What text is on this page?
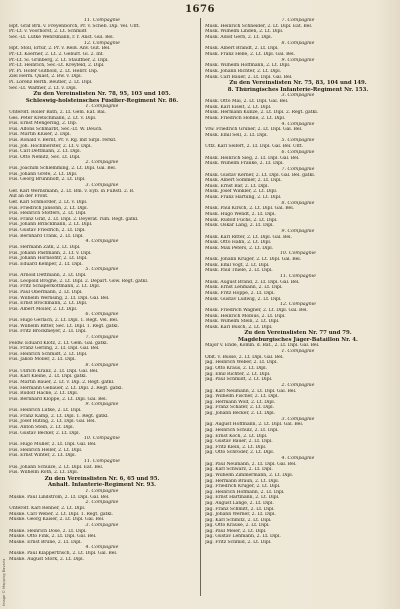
1676
11. Compagnie
Hpt. Graf Brn. v. Freyenborch, Pr. v. Scheb. Dip. Vel. Ulft.
Pr.-Lt. v. Voorhorst, 2. Lt. Schmidt
Sec.-Lt. Lütke Wehrsmann, r. r. Anst. Gul. Bel.
12. Compagnie
Hpt. Stoll, Erfur, 2. Pr. v. Reiß. Anv. Gut. Bel.
Pr.-Lt. Koerner, 2. Lt. 2. Gebürf. Gl. 2. Inf.
Pr.-Lt. Sl. Grinberg, 2. Lt. Stauffner, 2. Dipl.
Pr.-Lt. Heinrich, Sec.-Lt. Kreyfeld, 2. Dipl.
Pr. Pi. Höfer Guthöld, 2. Lt. Hebrr. Dip.
Ziel Herm. Quast, 2. Bw. v. Dipl.
Pi. Lorenz Berth. Beutler, 2. Lt. Dipl.
Sec.-Lt. Walther, 2. Lt. v. Dipl.
Zu den Vereinslisten Nr. 78, 95, 103 und 105.
Schleswig-holsteinsches Füsilier-Regiment Nr. 86.
1. Compagnie
Unteroff. Roller Bath, 2. Lt. Gem. Eat. Bal.
Ges. Peter Kretschmann, 2. Lt. v. Dipl.
Füs. Ernst Mengering, 2. Dip.
Füs. Alfons Schmarbt, Sec.-Lt. W. Deuch.
Füs. Martin Klüser, 2. Dipl.
Füs. Ronald v. Bernt, Pr. v. Rg. mit Sirpl. rerkit.
Füs. Joh. Hochmerster, 2. Lt. v. Dipl.
Füs. Carl Dettmann, 2. Lt. Dipl.
Füs. Otto Nemitz, Sec. Lt. Dipl.
2. Compagnie
Füs. Joachim Schlemming, 2. Lt. Dipl. Gal. Bel.
Füs. Johann Grefe, 2. Lt. Dipl.
Füs. Georg Brunnhoff, 2. Lt. Dipl.
3. Compagnie
Gef. Karl Wernsmann, 2. Lt. Bm. v. Eyb. in Fußstl. 2. B.
Auf an der Front.
Gef. Karl Schmorder, 2. Lt. v. Dipl.
Füs. Friedrich Jansonn, 2. Lt. Dipl.
Füs. Heinrich Stoffers, 2. Lt. Dipl.
Füs. Franz Graf, 2. Lt. Dipl. 2. Deyerat. rum. Regt. gatkl.
Füs. Johann Brinckmann, 2. Lt. Dipl.
Füs. Gustav Friedrich, 2. Lt. Dipl.
Füs. Bernhard Tränk, 2. Lt. Dipl.
4. Compagnie
Füs. Hermann Zatk, 2. Lt. Dipl.
Füs. Johann Pastmann, 2. Lt. v. Dipl.
Füs. Johann Hornsohtr, 2. Lt. Dipl.
Füs. Eduard Kemper, 2. Lt. Dipl.
5. Compagnie
Füs. Arnold Dettmann, 2. Lt. Dipl.
Füs. Leopold Bröghe, 2. Lt. Dipl. 2. Depart. Gow. Regt. gatkl.
Füs. Fritz Schaperkottmann, 2. Lt. Dipl.
Füs. Paul Obermann, 2. Lt. Dipl.
Füs. Wilhelm Wernsing, 2. Lt. Dipl. Gal. Bel.
Füs. Ernst Brockmann, 2. Lt. Dipl.
Füs. Albert Möller, 2. Lt. Dipl.
6. Compagnie
Füs. Hugo Gerlach, 2. Lt. Dipl. 1. Regt. Vel. Bel.
Füs. Wilhelm Bitter, Sec. Lt. Dipl. 1. Regt. gatkl.
Füs. Fritz Brockmeyer, 2. Lt. Dipl.
7. Compagnie
Feldw. Eduard Klotz, 2. Lt. Gem. Gal. gatkl.
Füs. Franz Gerling, 2. Lt. Dipl. Gal. Bel.
Füs. Heinrich Schmidt, 2. Lt. Dipl.
Füs. Jakob Möller, 2. Lt. Dipl.
8. Compagnie
Füs. Ullrich Kranz, 2. Lt. Dipl. Gal. Bel.
Füs. Karl Kleine, 2. Lt. Dipl. gatkl.
Füs. Martin Bauer, 2. Lt. v. Dip. 2. Regt. gatkl.
Füs. Hermann Gebauer, 2. Lt. Dipl. 2. Regt. gatkl.
Füs. Rudolf Hacke, 2. Lt. Dipl.
Füs. Bernhard Klöppe, 2. Lt. Dipl. Gal. Bel.
9. Compagnie
Füs. Heinrich Lütke, 2. Lt. Dipl.
Füs. Franz Kamp, 2. Lt. Dipl. 1. Regt. gatkl.
Füs. Josef Rüting, 2. Lt. Dipl. Gal. Bel.
Füs. Anton Stein, 2. Lt. Dipl.
Füs. Gustav Becker, 2. Lt. Dipl.
10. Compagnie
Füs. Hugo Müller, 2. Lt. Dipl. Gal. Bel.
Füs. Heinrich Heller, 2. Lt. Dipl.
Füs. Ernst Winter, 2. Lt. Dipl.
11. Compagnie
Füs. Johann Schulze, 2. Lt. Dipl. Eat. Bel.
Füs. Wilhelm Roth, 2. Lt. Dipl.
Zu den Vereinslisten Nr. 6, 65 und 95.
Anhalt. Infanterie-Regiment Nr. 93.
1. Compagnie
Muske. Paul Lindström, 2. Lt. Dipl. Gal. Bel.
2. Compagnie
Unteroff. Karl Renner, 2. Lt. Dipl.
Muske. Carl Weber, 2. Lt. Dipl. 1. Regt. gatkl.
Muske. Georg Kaiser, 2. Lt. Dipl. Gal. Bel.
3. Compagnie
Muske. Heinrich Dose, 2. Lt. Dipl.
Muske. Otto Fink, 2. Lt. Dipl. Gal. Bel.
Muske. Ernst Brune, 2. Lt. Dipl.
4. Compagnie
Muske. Paul Klappertrisch, 2. Lt. Dipl. Gal. Bel.
Muske. August Stork, 2. Lt. Dipl.
7. Compagnie
Musk. Heinrich Schneider, 2. Lt. Dipl. Eat. Bel.
Musk. Wilhelm Linden, 2. Lt. Dipl.
Musk. Adolf Gerb, 2. Lt. Dipl.
8. Compagnie
Musk. Albert Brandt, 2. Lt. Dipl.
Musk. Franz Helle, 2. Lt. Dipl. Gal. Bel.
9. Compagnie
Musk. Wilhelm Hoffmann, 2. Lt. Dipl.
Musk. Johann Richter, 2. Lt. Dipl.
Musk. Carl Bauer, 2. Lt. Dipl. Gal. Bel.
Zu den Vereinslisten Nr. 75, 83, 104 und 149.
8. Thüringisches Infanterie-Regiment Nr. 153.
3. Compagnie
Musk. Otto Mai, 2. Lt. Dipl. Gal. Bel.
Musk. Karl Eiselt, 2. Lt. Dipl.
Musk. Hermann Kunze, 2. Lt. Dipl. 2. Regt. gatkl.
Musk. Friedrich Höhne, 2. Lt. Dipl.
4. Compagnie
Vfw. Friedrich Gruner, 2. Lt. Dipl. Gal. Bel.
Musk. Emil Sell, 2. Lt. Dipl.
5. Compagnie
Uffz. Karl Seifert, 2. Lt. Dipl. Gal. Bel. Ulft.
6. Compagnie
Musk. Heinrich Sieg, 2. Lt. Dipl. Gal. Bel.
Musk. Wilhelm Franke, 2. Lt. Dipl.
7. Compagnie
Musk. Gustav Kerner, 2. Lt. Dipl. Gal. Bel. gatkl.
Musk. Albert Sommer, 2. Lt. Dipl.
Musk. Ernst Bär, 2. Lt. Dipl.
Musk. Josef Winkler, 2. Lt. Dipl.
Musk. Franz Hartung, 2. Lt. Dipl.
8. Compagnie
Musk. Paul Kirsch, 2. Lt. Dipl. Gal. Bel.
Musk. Hugo Wendt, 2. Lt. Dipl.
Musk. Rudolf Fuchs, 2. Lt. Dipl.
Musk. Oskar Lang, 2. Lt. Dipl.
9. Compagnie
Musk. Karl Ritter, 2. Lt. Dipl. Gal. Bel.
Musk. Otto Hahn, 2. Lt. Dipl.
Musk. Max Peters, 2. Lt. Dipl.
10. Compagnie
Musk. Johann Krüger, 2. Lt. Dipl. Gal. Bel.
Musk. Emil Vogt, 2. Lt. Dipl.
Musk. Paul Thiele, 2. Lt. Dipl.
11. Compagnie
Musk. August Brand, 2. Lt. Dipl. Gal. Bel.
Musk. Ernst Lehmann, 2. Lt. Dipl.
Musk. Fritz Hoppe, 2. Lt. Dipl.
Musk. Gustav Ludwig, 2. Lt. Dipl.
12. Compagnie
Musk. Friedrich Wagner, 2. Lt. Dipl. Gal. Bel.
Musk. Heinrich Möbius, 2. Lt. Dipl.
Musk. Wilhelm Stein, 2. Lt. Dipl.
Musk. Karl Busch, 2. Lt. Dipl.
Zu den Vereinslisten Nr. 77 und 79.
Magdeburgisches Jäger-Bataillon Nr. 4.
Major v. Ende, Komm. d. Bat., 2. Lt. Dipl. Gal. Bel.
1. Compagnie
Oblt. v. Busse, 2. Lt. Dipl. Gal. Bel.
Jäg. Heinrich Weber, 2. Lt. Dipl.
Jäg. Otto Kraus, 2. Lt. Dipl.
Jäg. Emil Richter, 2. Lt. Dipl.
Jäg. Paul Schmidt, 2. Lt. Dipl.
2. Compagnie
Jäg. Karl Neumann, 2. Lt. Dipl. Gal. Bel.
Jäg. Wilhelm Fischer, 2. Lt. Dipl.
Jäg. Hermann Wolf, 2. Lt. Dipl.
Jäg. Franz Schäfer, 2. Lt. Dipl.
Jäg. Johann Becker, 2. Lt. Dipl.
3. Compagnie
Jäg. August Hoffmann, 2. Lt. Dipl. Gal. Bel.
Jäg. Heinrich Schulz, 2. Lt. Dipl.
Jäg. Ernst Koch, 2. Lt. Dipl.
Jäg. Gustav Bauer, 2. Lt. Dipl.
Jäg. Fritz Klein, 2. Lt. Dipl.
Jäg. Otto Schröder, 2. Lt. Dipl.
4. Compagnie
Jäg. Paul Neumann, 2. Lt. Dipl. Gal. Bel.
Jäg. Karl Schwarz, 2. Lt. Dipl.
Jäg. Wilhelm Zimmermann, 2. Lt. Dipl.
Jäg. Hermann Braun, 2. Lt. Dipl.
Jäg. Friedrich Krüger, 2. Lt. Dipl.
Jäg. Heinrich Hofmann, 2. Lt. Dipl.
Jäg. Ernst Hartmann, 2. Lt. Dipl.
Jäg. August Lange, 2. Lt. Dipl.
Jäg. Franz Schmitt, 2. Lt. Dipl.
Jäg. Johann Werner, 2. Lt. Dipl.
Jäg. Karl Schmitz, 2. Lt. Dipl.
Jäg. Otto Krause, 2. Lt. Dipl.
Jäg. Paul Meier, 2. Lt. Dipl.
Jäg. Gustav Lehmann, 2. Lt. Dipl.
Jäg. Fritz Schmid, 2. Lt. Dipl.
Image © Mapping Bavaria
